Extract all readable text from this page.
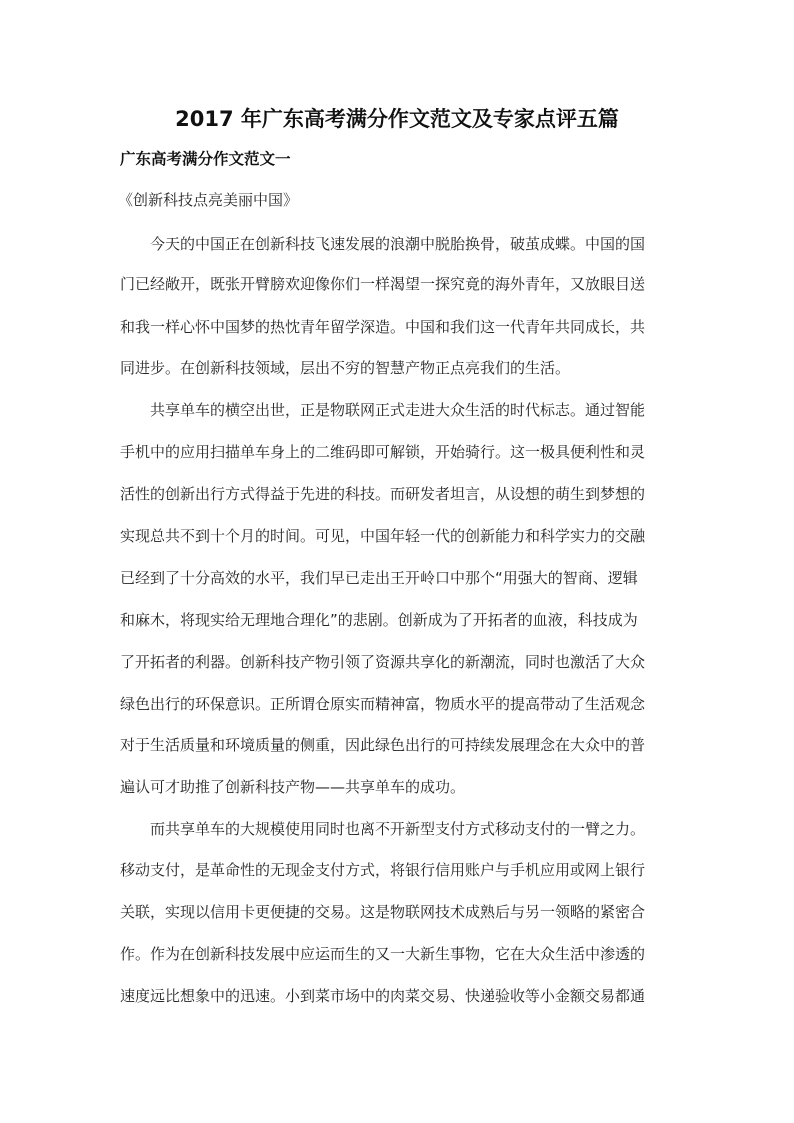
2017 年广东高考满分作文范文及专家点评五篇
广东高考满分作文范文一
《创新科技点亮美丽中国》
　　今天的中国正在创新科技飞速发展的浪潮中脱胎换骨，破茧成蝶。中国的国
门已经敞开，既张开臂膀欢迎像你们一样渴望一探究竟的海外青年，又放眼目送
和我一样心怀中国梦的热忱青年留学深造。中国和我们这一代青年共同成长，共
同进步。在创新科技领域，层出不穷的智慧产物正点亮我们的生活。
　　共享单车的横空出世，正是物联网正式走进大众生活的时代标志。通过智能
手机中的应用扫描单车身上的二维码即可解锁，开始骑行。这一极具便利性和灵
活性的创新出行方式得益于先进的科技。而研发者坦言，从设想的萌生到梦想的
实现总共不到十个月的时间。可见，中国年轻一代的创新能力和科学实力的交融
已经到了十分高效的水平，我们早已走出王开岭口中那个“用强大的智商、逻辑
和麻木，将现实给无理地合理化”的悲剧。创新成为了开拓者的血液，科技成为
了开拓者的利器。创新科技产物引领了资源共享化的新潮流，同时也激活了大众
绿色出行的环保意识。正所谓仓原实而精神富，物质水平的提高带动了生活观念
对于生活质量和环境质量的侧重，因此绿色出行的可持续发展理念在大众中的普
遍认可才助推了创新科技产物——共享单车的成功。
　　而共享单车的大规模使用同时也离不开新型支付方式移动支付的一臂之力。
移动支付，是革命性的无现金支付方式，将银行信用账户与手机应用或网上银行
关联，实现以信用卡更便捷的交易。这是物联网技术成熟后与另一领略的紧密合
作。作为在创新科技发展中应运而生的又一大新生事物，它在大众生活中渗透的
速度远比想象中的迅速。小到菜市场中的肉菜交易、快递验收等小金额交易都通
